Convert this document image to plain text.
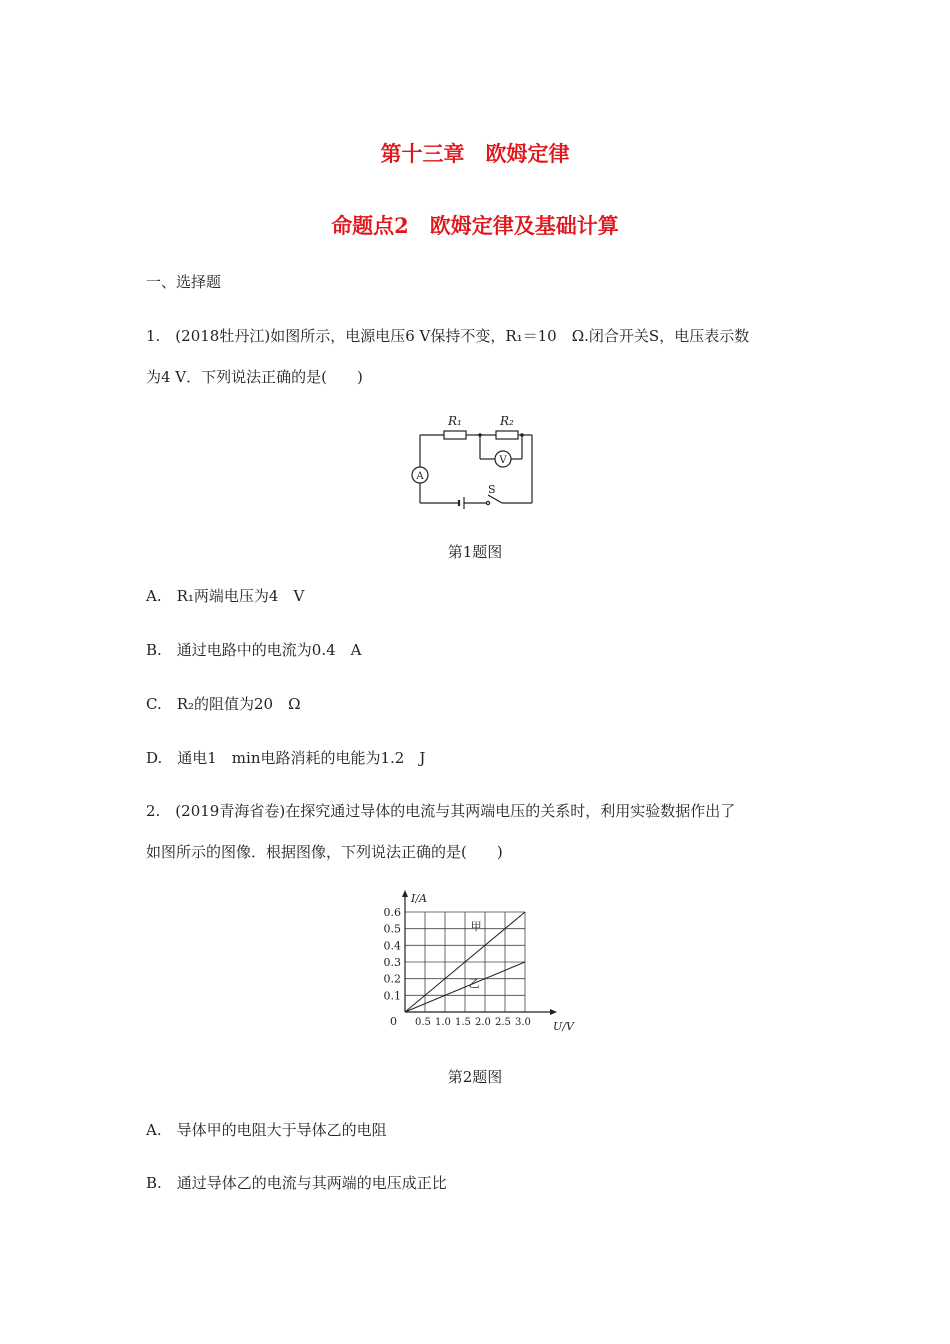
第十三章　欧姆定律
命题点2　欧姆定律及基础计算
一、选择题
1.　(2018牡丹江)如图所示，电源电压6 V保持不变，R₁＝10　Ω.闭合开关S，电压表示数
为4 V．下列说法正确的是(　　)
R₁	R₂
V
A
S
第1题图
A.　R₁两端电压为4　V
B.　通过电路中的电流为0.4　A
C.　R₂的阻值为20　Ω
D.　通电1　min电路消耗的电能为1.2　J
2.　(2019青海省卷)在探究通过导体的电流与其两端电压的关系时，利用实验数据作出了
如图所示的图像．根据图像，下列说法正确的是(　　)
0.5 1.0 1.5 2.0 2.5 3.0
0.1
0.2
0.3
0.4
0.5
0.6
0	U/V
I/A
甲
乙
第2题图
A.　导体甲的电阻大于导体乙的电阻
B.　通过导体乙的电流与其两端的电压成正比
